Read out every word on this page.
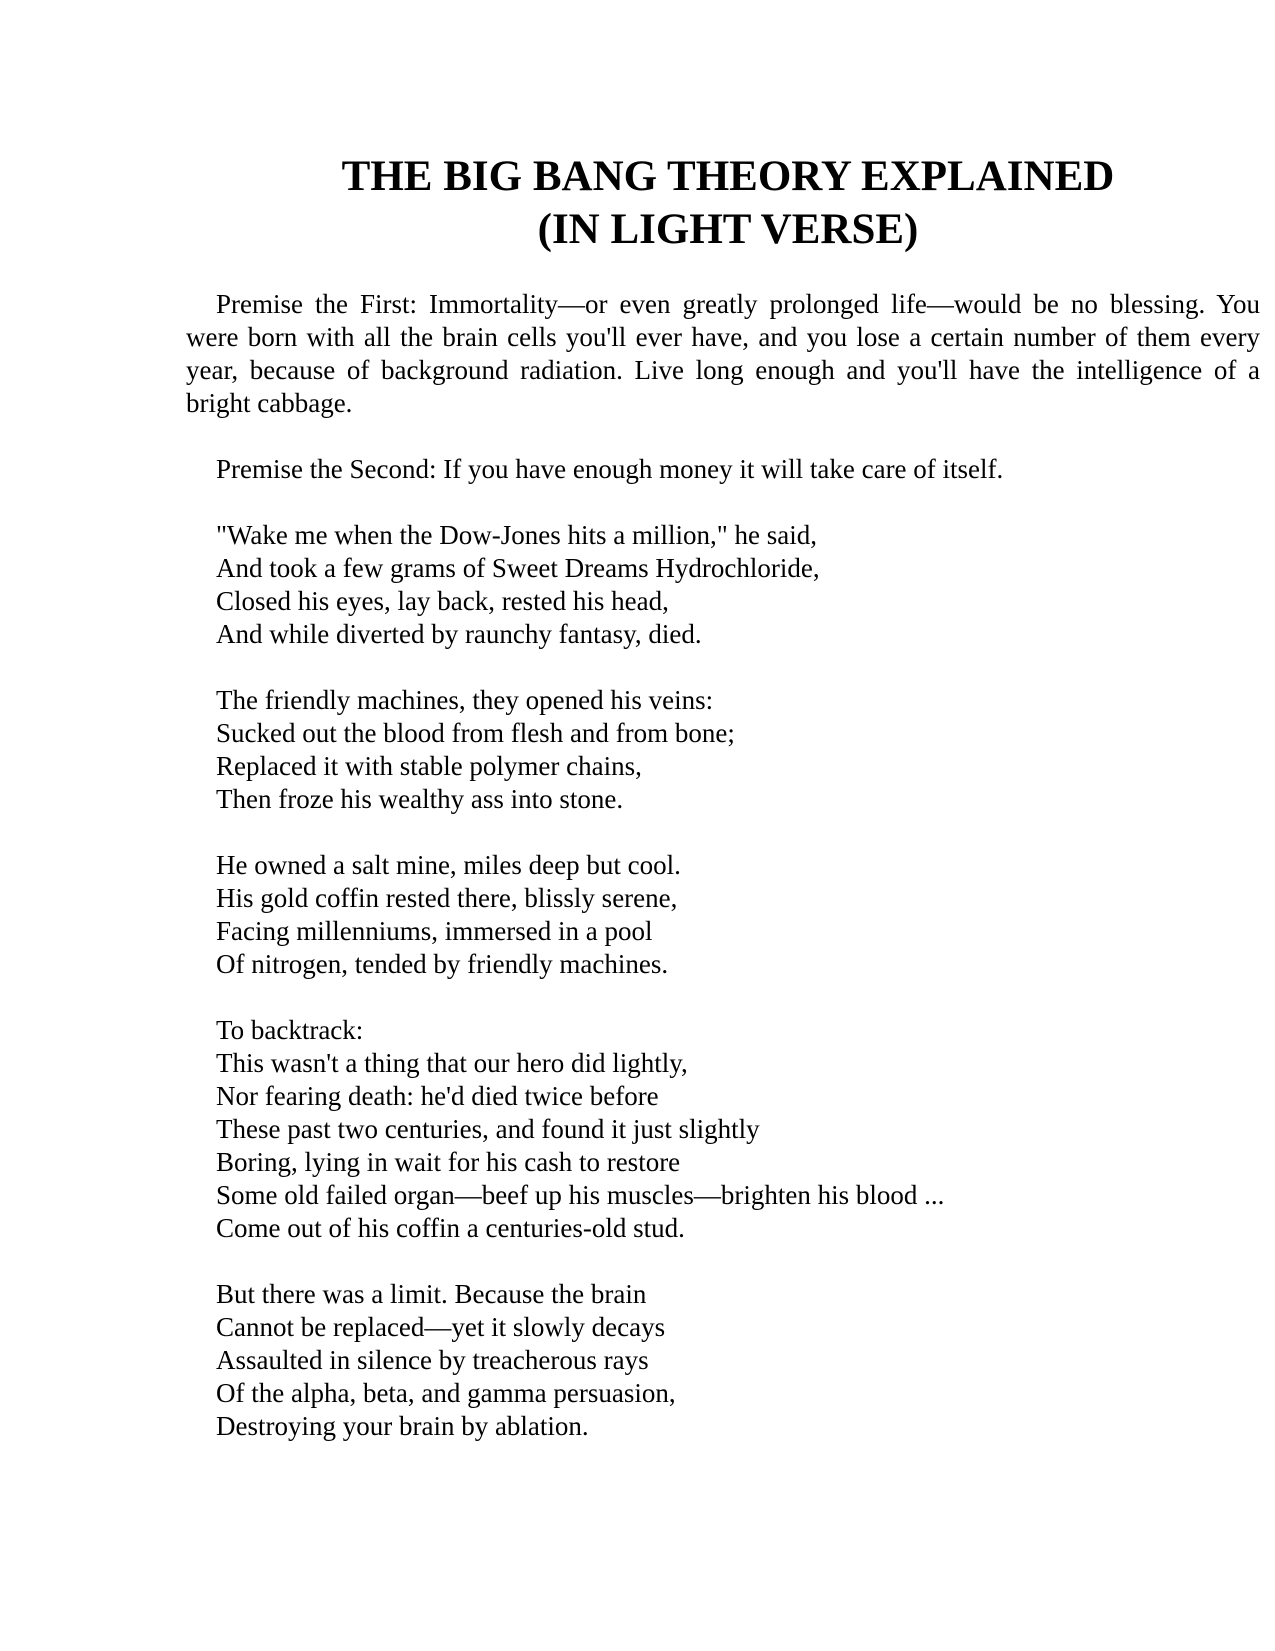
THE BIG BANG THEORY EXPLAINED
(IN LIGHT VERSE)

Premise the First: Immortality—or even greatly prolonged life—would be no blessing. You were born with all the brain cells you'll ever have, and you lose a certain number of them every year, because of background radiation. Live long enough and you'll have the intelligence of a bright cabbage.

Premise the Second: If you have enough money it will take care of itself.

"Wake me when the Dow-Jones hits a million," he said,
And took a few grams of Sweet Dreams Hydrochloride,
Closed his eyes, lay back, rested his head,
And while diverted by raunchy fantasy, died.
The friendly machines, they opened his veins:
Sucked out the blood from flesh and from bone;
Replaced it with stable polymer chains,
Then froze his wealthy ass into stone.
He owned a salt mine, miles deep but cool.
His gold coffin rested there, blissly serene,
Facing millenniums, immersed in a pool
Of nitrogen, tended by friendly machines.
To backtrack:
This wasn't a thing that our hero did lightly,
Nor fearing death: he'd died twice before
These past two centuries, and found it just slightly
Boring, lying in wait for his cash to restore
Some old failed organ—beef up his muscles—brighten his blood ...
Come out of his coffin a centuries-old stud.
But there was a limit. Because the brain
Cannot be replaced—yet it slowly decays
Assaulted in silence by treacherous rays
Of the alpha, beta, and gamma persuasion,
Destroying your brain by ablation.
